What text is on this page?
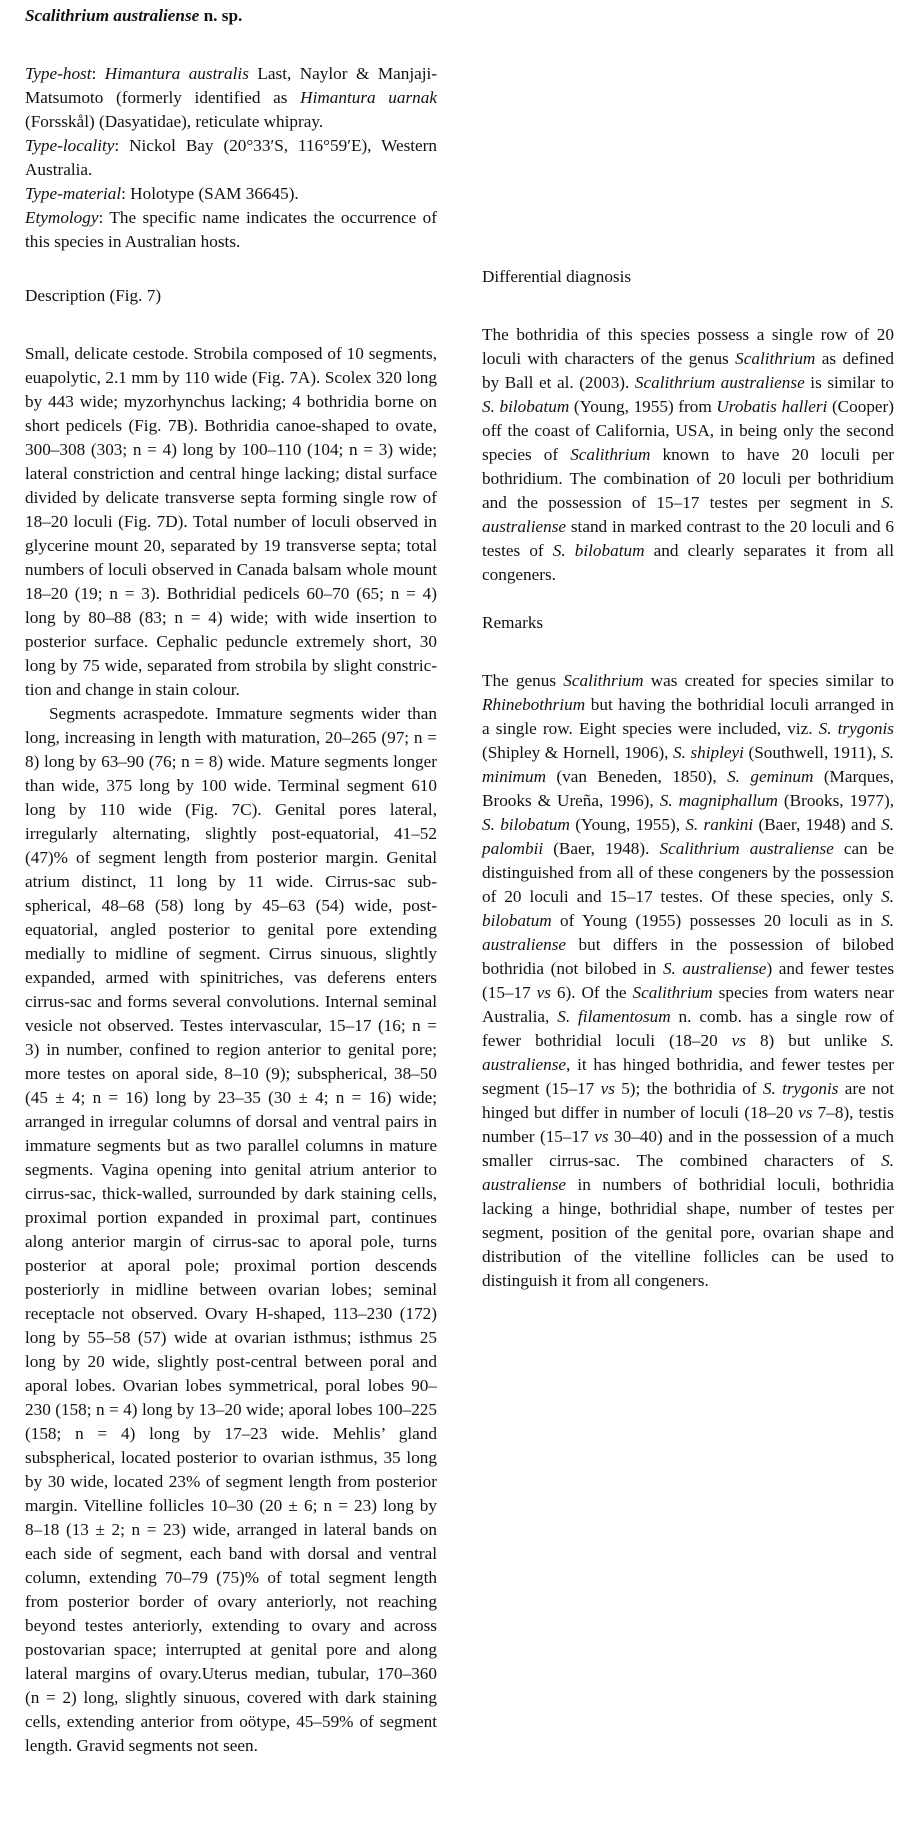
Scalithrium australiense n. sp.

Type-host: Himantura australis Last, Naylor & Manjaji-Matsumoto (formerly identified as Himantura uarnak (Forsskål) (Dasyatidae), reticulate whipray.

Type-locality: Nickol Bay (20°33′S, 116°59′E), Western Australia.

Type-material: Holotype (SAM 36645).

Etymology: The specific name indicates the occurrence of this species in Australian hosts.

Description (Fig. 7)

Small, delicate cestode. Strobila composed of 10 segments, euapolytic, 2.1 mm by 110 wide (Fig. 7A). Scolex 320 long by 443 wide; myzorhynchus lacking; 4 bothridia borne on short pedicels (Fig. 7B). Bothridia canoe-shaped to ovate, 300–308 (303; n = 4) long by 100–110 (104; n = 3) wide; lateral constriction and central hinge lacking; distal surface divided by delicate transverse septa forming single row of 18–20 loculi (Fig. 7D). Total number of loculi observed in glycerine mount 20, separated by 19 transverse septa; total numbers of loculi observed in Canada balsam whole mount 18–20 (19; n = 3). Bothridial pedicels 60–70 (65; n = 4) long by 80–88 (83; n = 4) wide; with wide insertion to posterior surface. Cephalic peduncle extremely short, 30 long by 75 wide, separated from strobila by slight constriction and change in stain colour.

Segments acraspedote. Immature segments wider than long, increasing in length with maturation, 20–265 (97; n = 8) long by 63–90 (76; n = 8) wide. Mature segments longer than wide, 375 long by 100 wide. Terminal segment 610 long by 110 wide (Fig. 7C). Genital pores lateral, irregularly alternating, slightly post-equatorial, 41–52 (47)% of segment length from posterior margin. Genital atrium distinct, 11 long by 11 wide. Cirrus-sac sub-spherical, 48–68 (58) long by 45–63 (54) wide, post-equatorial, angled posterior to genital pore extending medially to midline of segment. Cirrus sinuous, slightly expanded, armed with spinitriches, vas deferens enters cirrus-sac and forms several convolutions. Internal seminal vesicle not observed. Testes intervascular, 15–17 (16; n = 3) in number, confined to region anterior to genital pore; more testes on aporal side, 8–10 (9); subspherical, 38–50 (45 ± 4; n = 16) long by 23–35 (30 ± 4; n = 16) wide; arranged in irregular columns of dorsal and ventral pairs in immature segments but as two parallel columns in mature segments. Vagina opening into genital atrium anterior to cirrus-sac, thick-walled, surrounded by dark staining cells, proximal portion expanded in proximal part, continues along anterior margin of cirrus-sac to aporal pole, turns posterior at aporal pole; proximal portion descends posteriorly in midline between ovarian lobes; seminal receptacle not observed. Ovary H-shaped, 113–230 (172) long by 55–58 (57) wide at ovarian isthmus; isthmus 25 long by 20 wide, slightly post-central between poral and aporal lobes. Ovarian lobes symmetrical, poral lobes 90–230 (158; n = 4) long by 13–20 wide; aporal lobes 100–225 (158; n = 4) long by 17–23 wide. Mehlis’ gland subspherical, located posterior to ovarian isthmus, 35 long by 30 wide, located 23% of segment length from posterior margin. Vitelline follicles 10–30 (20 ± 6; n = 23) long by 8–18 (13 ± 2; n = 23) wide, arranged in lateral bands on each side of segment, each band with dorsal and ventral column, extending 70–79 (75)% of total segment length from posterior border of ovary anteriorly, not reaching beyond testes anteriorly, extending to ovary and across postovarian space; interrupted at genital pore and along lateral margins of ovary.Uterus median, tubular, 170–360 (n = 2) long, slightly sinuous, covered with dark staining cells, extending anterior from oötype, 45–59% of segment length. Gravid segments not seen.

Differential diagnosis

The bothridia of this species possess a single row of 20 loculi with characters of the genus Scalithrium as defined by Ball et al. (2003). Scalithrium australiense is similar to S. bilobatum (Young, 1955) from Urobatis halleri (Cooper) off the coast of California, USA, in being only the second species of Scalithrium known to have 20 loculi per bothridium. The combination of 20 loculi per bothridium and the possession of 15–17 testes per segment in S. australiense stand in marked contrast to the 20 loculi and 6 testes of S. bilobatum and clearly separates it from all congeners.

Remarks

The genus Scalithrium was created for species similar to Rhinebothrium but having the bothridial loculi arranged in a single row. Eight species were included, viz. S. trygonis (Shipley & Hornell, 1906), S. shipleyi (Southwell, 1911), S. minimum (van Beneden, 1850), S. geminum (Marques, Brooks & Ureña, 1996), S. magniphallum (Brooks, 1977), S. bilobatum (Young, 1955), S. rankini (Baer, 1948) and S. palombii (Baer, 1948). Scalithrium australiense can be distinguished from all of these congeners by the possession of 20 loculi and 15–17 testes. Of these species, only S. bilobatum of Young (1955) possesses 20 loculi as in S. australiense but differs in the possession of bilobed bothridia (not bilobed in S. australiense) and fewer testes (15–17 vs 6). Of the Scalithrium species from waters near Australia, S. filamentosum n. comb. has a single row of fewer bothridial loculi (18–20 vs 8) but unlike S. australiense, it has hinged bothridia, and fewer testes per segment (15–17 vs 5); the bothridia of S. trygonis are not hinged but differ in number of loculi (18–20 vs 7–8), testis number (15–17 vs 30–40) and in the possession of a much smaller cirrus-sac. The combined characters of S. australiense in numbers of bothridial loculi, bothridia lacking a hinge, bothridial shape, number of testes per segment, position of the genital pore, ovarian shape and distribution of the vitelline follicles can be used to distinguish it from all congeners.
